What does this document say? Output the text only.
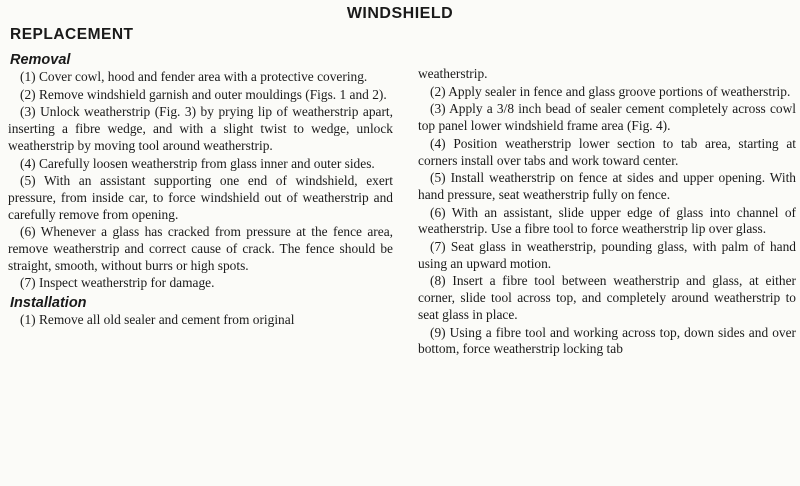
WINDSHIELD
REPLACEMENT
Removal

(1) Cover cowl, hood and fender area with a protective covering.

(2) Remove windshield garnish and outer mouldings (Figs. 1 and 2).

(3) Unlock weatherstrip (Fig. 3) by prying lip of weatherstrip apart, inserting a fibre wedge, and with a slight twist to wedge, unlock weatherstrip by moving tool around weatherstrip.

(4) Carefully loosen weatherstrip from glass inner and outer sides.

(5) With an assistant supporting one end of windshield, exert pressure, from inside car, to force windshield out of weatherstrip and carefully remove from opening.

(6) Whenever a glass has cracked from pressure at the fence area, remove weatherstrip and correct cause of crack. The fence should be straight, smooth, without burrs or high spots.

(7) Inspect weatherstrip for damage.

Installation

(1) Remove all old sealer and cement from original

weatherstrip.

(2) Apply sealer in fence and glass groove portions of weatherstrip.

(3) Apply a 3/8 inch bead of sealer cement completely across cowl top panel lower windshield frame area (Fig. 4).

(4) Position weatherstrip lower section to tab area, starting at corners install over tabs and work toward center.

(5) Install weatherstrip on fence at sides and upper opening. With hand pressure, seat weatherstrip fully on fence.

(6) With an assistant, slide upper edge of glass into channel of weatherstrip. Use a fibre tool to force weatherstrip lip over glass.

(7) Seat glass in weatherstrip, pounding glass, with palm of hand using an upward motion.

(8) Insert a fibre tool between weatherstrip and glass, at either corner, slide tool across top, and completely around weatherstrip to seat glass in place.

(9) Using a fibre tool and working across top, down sides and over bottom, force weatherstrip locking tab
